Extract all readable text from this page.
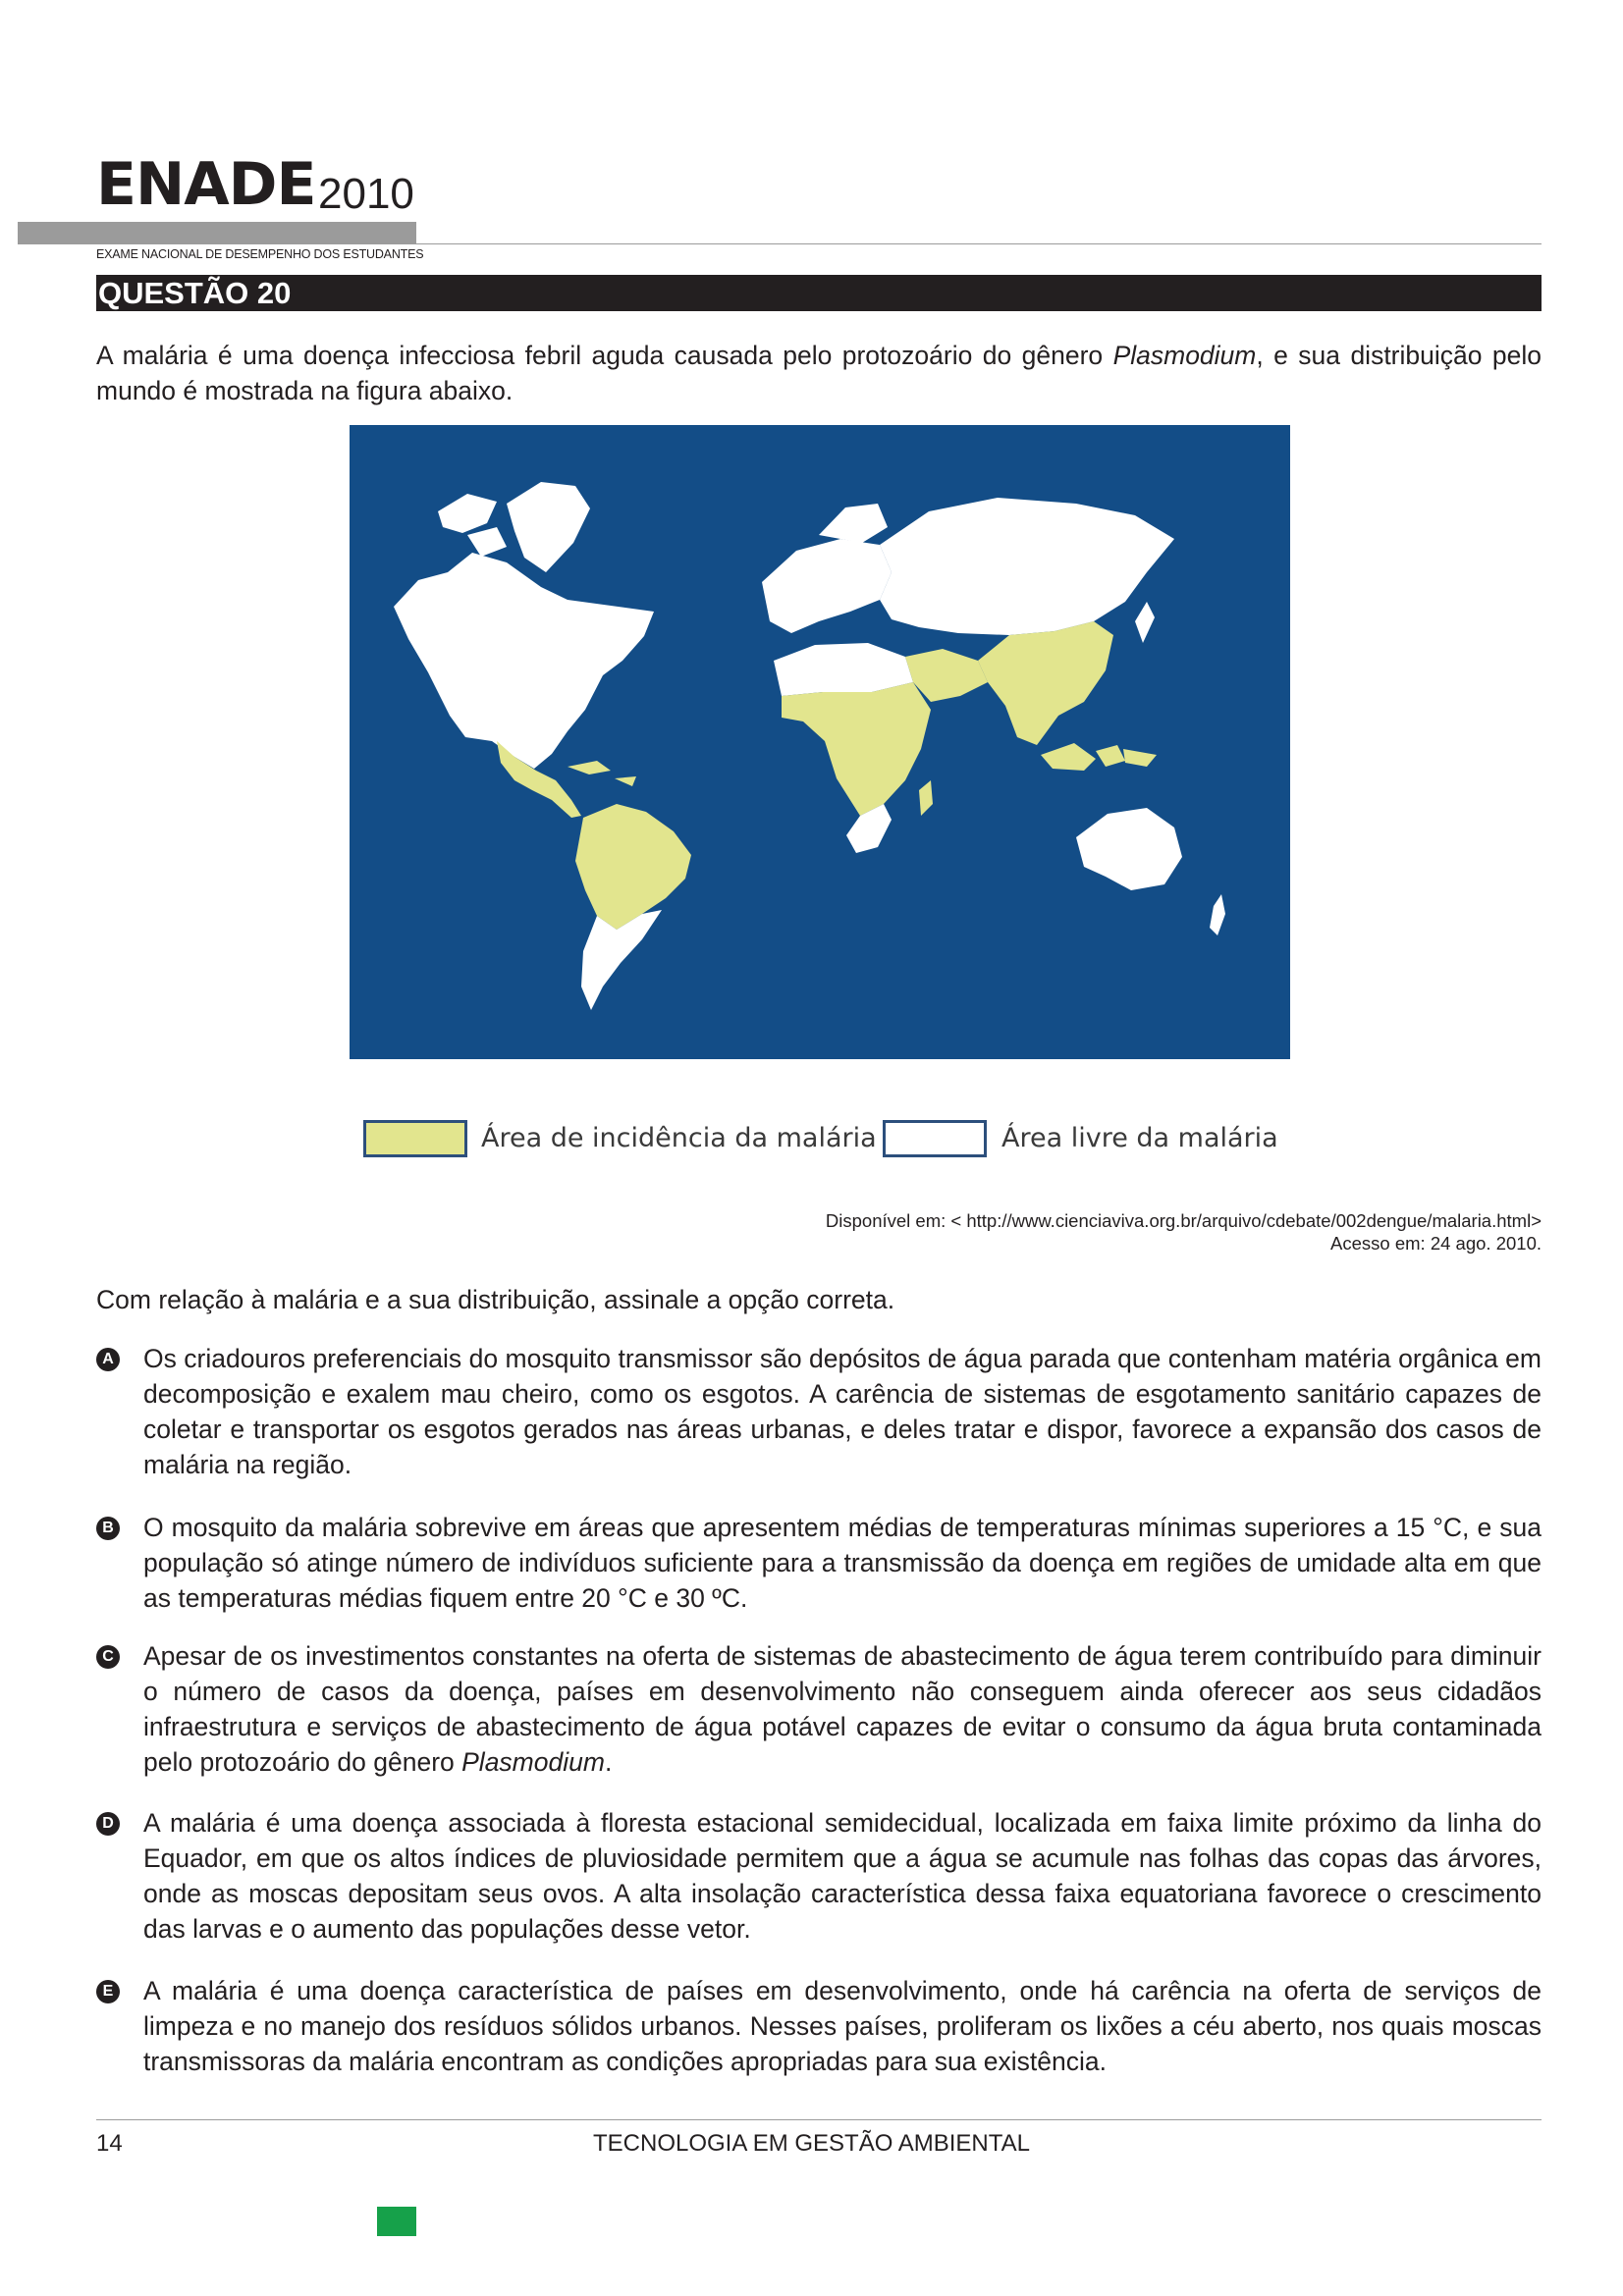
ENADE 2010
EXAME NACIONAL DE DESEMPENHO DOS ESTUDANTES
QUESTÃO 20
A malária é uma doença infecciosa febril aguda causada pelo protozoário do gênero Plasmodium, e sua distribuição pelo mundo é mostrada na figura abaixo.
Área de incidência da malária	Área livre da malária
Disponível em: < http://www.cienciaviva.org.br/arquivo/cdebate/002dengue/malaria.html>
Acesso em: 24 ago. 2010.
Com relação à malária e a sua distribuição, assinale a opção correta.
A Os criadouros preferenciais do mosquito transmissor são depósitos de água parada que contenham matéria orgânica em decomposição e exalem mau cheiro, como os esgotos. A carência de sistemas de esgotamento sanitário capazes de coletar e transportar os esgotos gerados nas áreas urbanas, e deles tratar e dispor, favorece a expansão dos casos de malária na região.
B O mosquito da malária sobrevive em áreas que apresentem médias de temperaturas mínimas superiores a 15 °C, e sua população só atinge número de indivíduos suficiente para a transmissão da doença em regiões de umidade alta em que as temperaturas médias fiquem entre 20 °C e 30 ºC.
C Apesar de os investimentos constantes na oferta de sistemas de abastecimento de água terem contribuído para diminuir o número de casos da doença, países em desenvolvimento não conseguem ainda oferecer aos seus cidadãos infraestrutura e serviços de abastecimento de água potável capazes de evitar o consumo da água bruta contaminada pelo protozoário do gênero Plasmodium.
D A malária é uma doença associada à floresta estacional semidecidual, localizada em faixa limite próximo da linha do Equador, em que os altos índices de pluviosidade permitem que a água se acumule nas folhas das copas das árvores, onde as moscas depositam seus ovos. A alta insolação característica dessa faixa equatoriana favorece o crescimento das larvas e o aumento das populações desse vetor.
E A malária é uma doença característica de países em desenvolvimento, onde há carência na oferta de serviços de limpeza e no manejo dos resíduos sólidos urbanos. Nesses países, proliferam os lixões a céu aberto, nos quais moscas transmissoras da malária encontram as condições apropriadas para sua existência.
14	TECNOLOGIA EM GESTÃO AMBIENTAL
